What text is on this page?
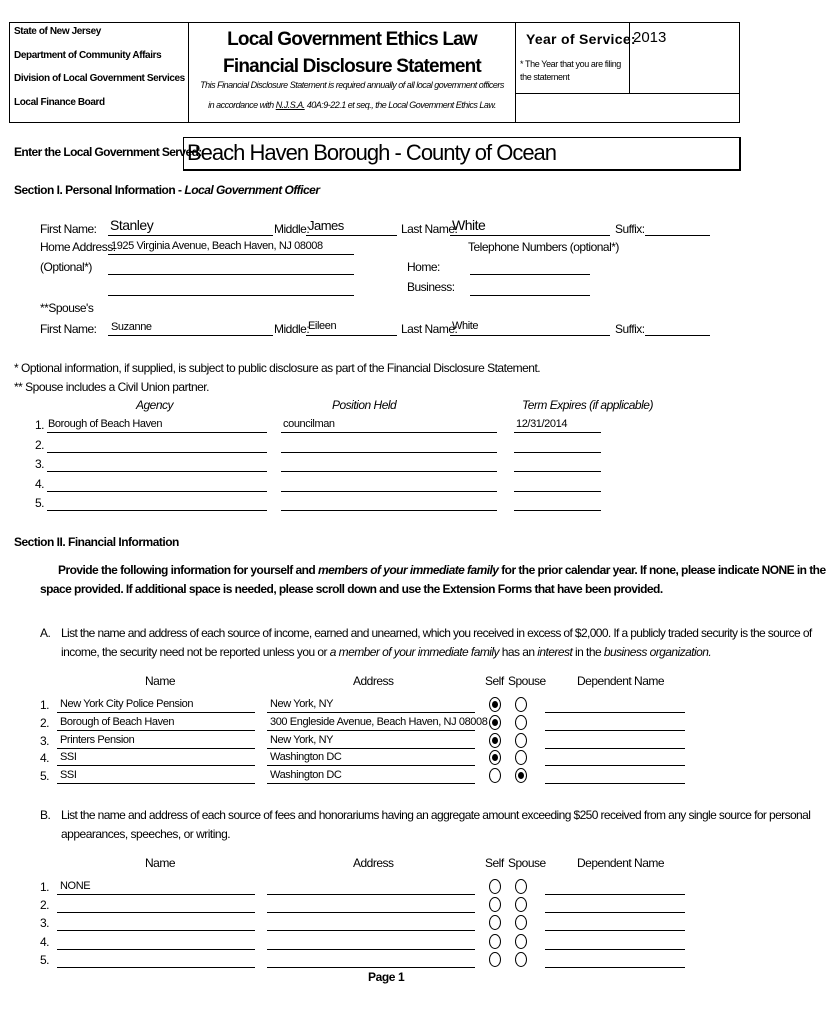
State of New Jersey
Department of Community Affairs
Division of Local Government Services
Local Finance Board
Local Government Ethics Law
Financial Disclosure Statement
This Financial Disclosure Statement is required annually of all local government officers
in accordance with N.J.S.A. 40A:9-22.1 et seq., the Local Government Ethics Law.
Year of Service:
2013
* The Year that you are filing the statement
Enter the Local Government Served:
Beach Haven Borough - County of Ocean
Section I. Personal Information - Local Government Officer
First Name: Stanley	Middle:
James	Last Name:
White	Suffix:
Home Address:
1925 Virginia Avenue, Beach Haven, NJ 08008
(Optional*)
Telephone Numbers (optional*)
Home:
Business:
**Spouse's
First Name: Suzanne	Middle:
Eileen	Last Name:
White	Suffix:
* Optional information, if supplied, is subject to public disclosure as part of the Financial Disclosure Statement.
** Spouse includes a Civil Union partner.
Agency	Position Held	Term Expires (if applicable)
1. Borough of Beach Haven	councilman	12/31/2014
2.
3.
4.
5.
Section II. Financial Information
Provide the following information for yourself and members of your immediate family for the prior calendar year. If none, please indicate NONE in the
space provided. If additional space is needed, please scroll down and use the Extension Forms that have been provided.
A. List the name and address of each source of income, earned and unearned, which you received in excess of $2,000. If a publicly traded security is the source of
income, the security need not be reported unless you or a member of your immediate family has an interest in the business organization.
Name	Address	Self Spouse	Dependent Name
1. New York City Police Pension	New York, NY
2. Borough of Beach Haven	300 Engleside Avenue, Beach Haven, NJ 08008
3. Printers Pension	New York, NY
4. SSI	Washington DC
5. SSI	Washington DC
B. List the name and address of each source of fees and honorariums having an aggregate amount exceeding $250 received from any single source for personal
appearances, speeches, or writing.
Name	Address	Self Spouse	Dependent Name
1. NONE
2.
3.
4.
5.
Page 1
